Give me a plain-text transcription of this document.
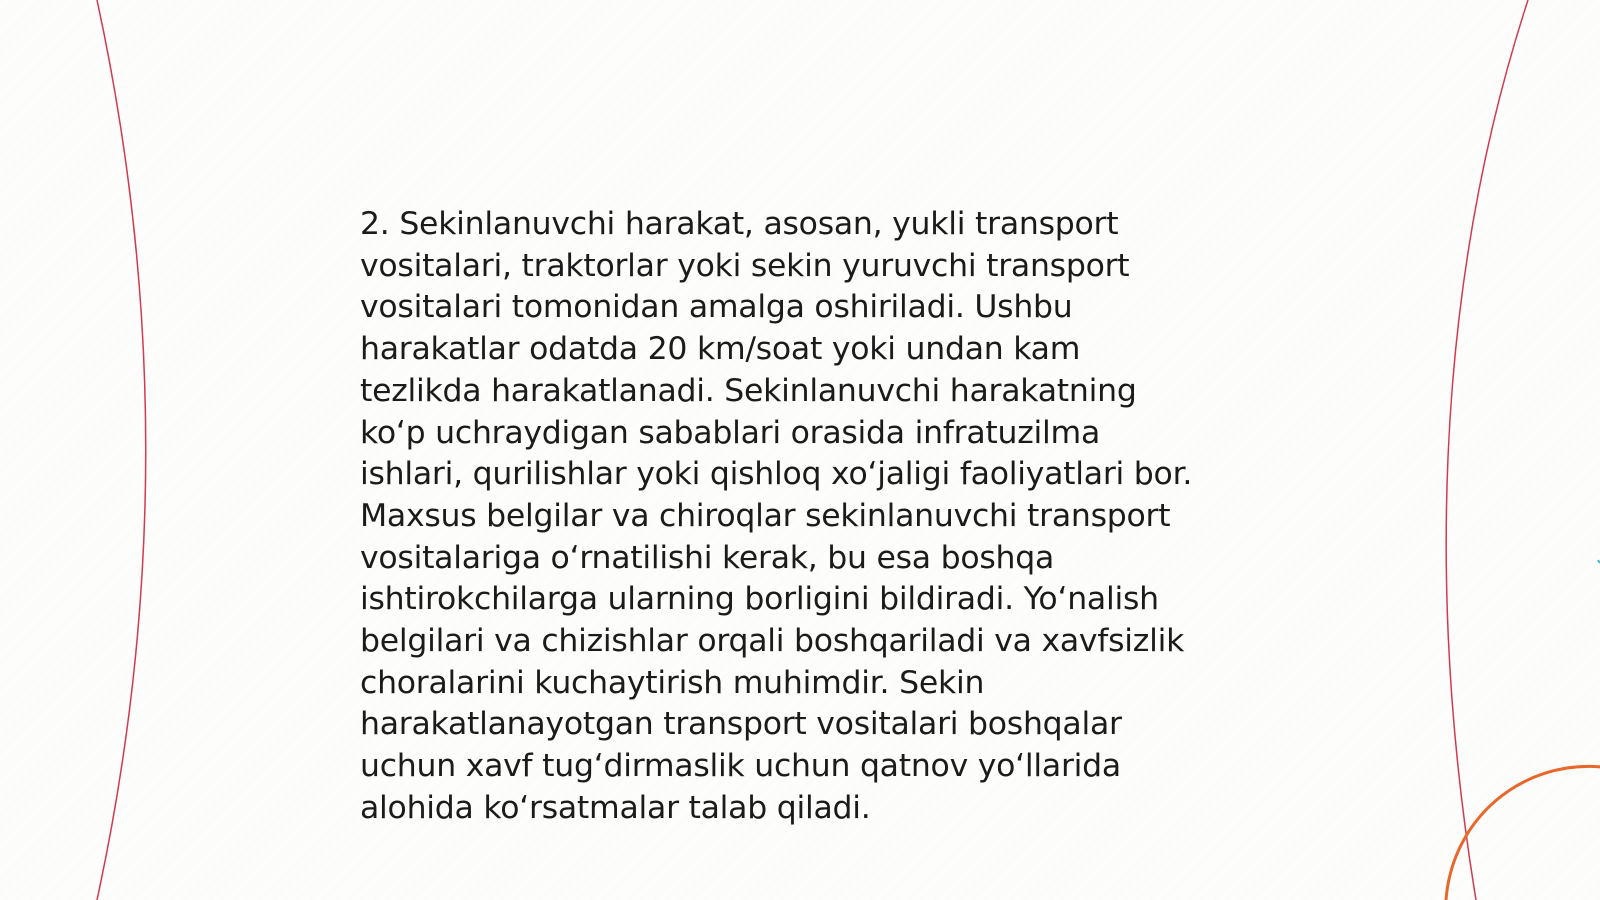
2. Sekinlanuvchi harakat, asosan, yukli transport
vositalari, traktorlar yoki sekin yuruvchi transport
vositalari tomonidan amalga oshiriladi. Ushbu
harakatlar odatda 20 km/soat yoki undan kam
tezlikda harakatlanadi. Sekinlanuvchi harakatning
koʻp uchraydigan sabablari orasida infratuzilma
ishlari, qurilishlar yoki qishloq xoʻjaligi faoliyatlari bor.
Maxsus belgilar va chiroqlar sekinlanuvchi transport
vositalariga oʻrnatilishi kerak, bu esa boshqa
ishtirokchilarga ularning borligini bildiradi. Yoʻnalish
belgilari va chizishlar orqali boshqariladi va xavfsizlik
choralarini kuchaytirish muhimdir. Sekin
harakatlanayotgan transport vositalari boshqalar
uchun xavf tugʻdirmaslik uchun qatnov yoʻllarida
alohida koʻrsatmalar talab qiladi.
